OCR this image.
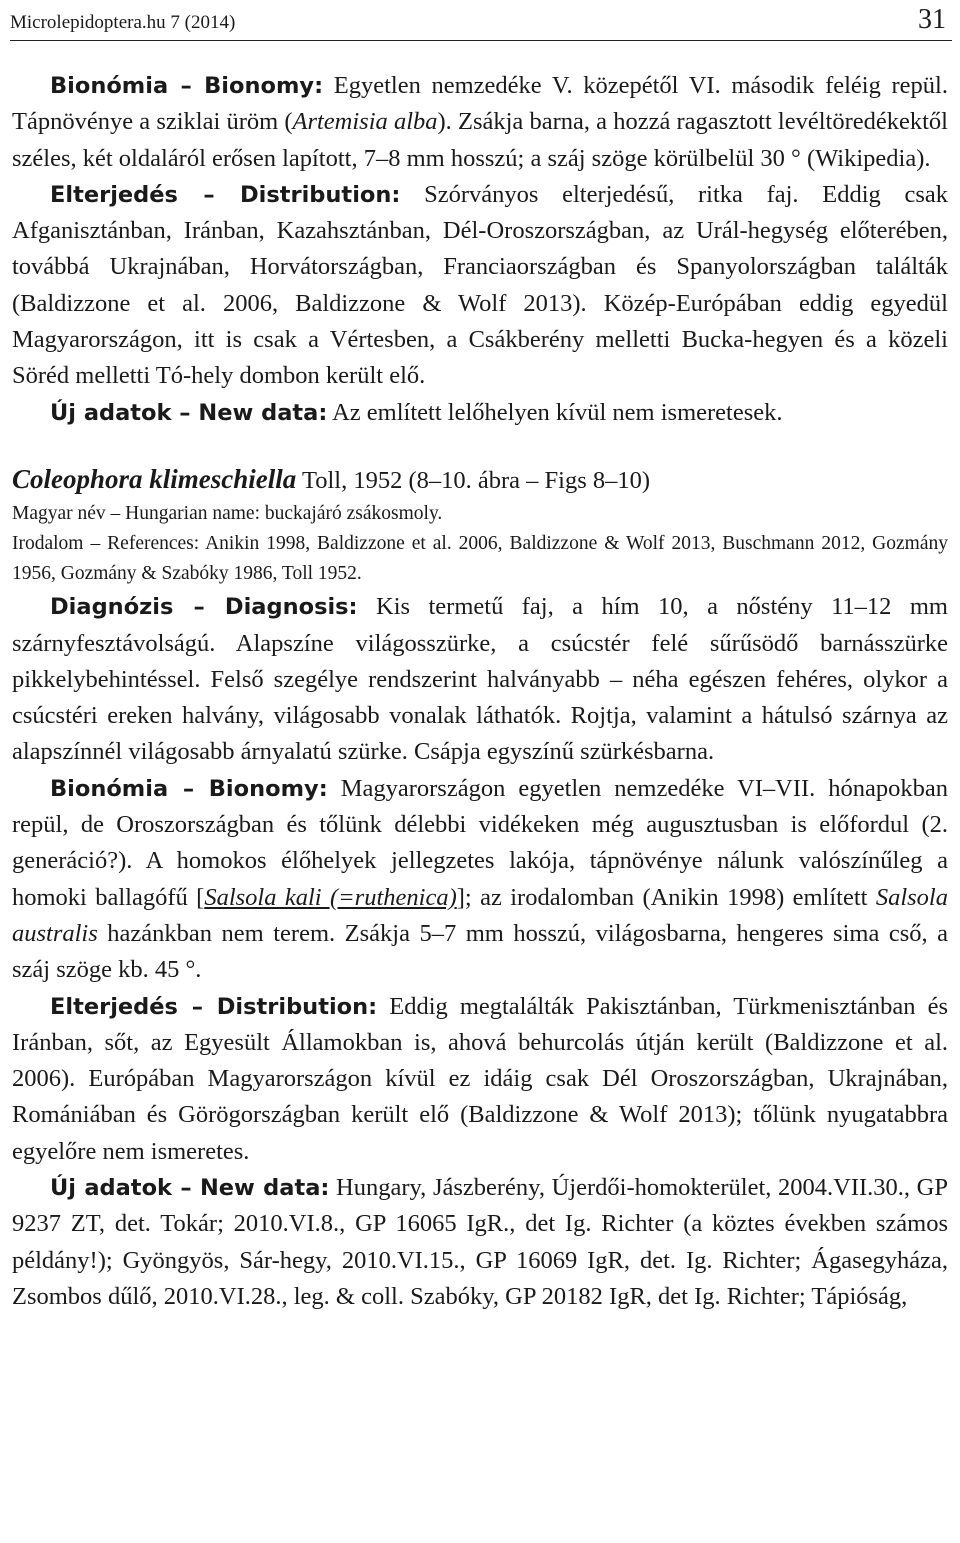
Microlepidoptera.hu 7 (2014)	31

Bionómia – Bionomy: Egyetlen nemzedéke V. közepétől VI. második feléig repül. Tápnövénye a sziklai üröm (Artemisia alba). Zsákja barna, a hozzá ragasztott levéltöredékektől széles, két oldaláról erősen lapított, 7–8 mm hosszú; a száj szöge körülbelül 30 ° (Wikipedia).

Elterjedés – Distribution: Szórványos elterjedésű, ritka faj. Eddig csak Afganisztánban, Iránban, Kazahsztánban, Dél-Oroszországban, az Urál-hegység előterében, továbbá Ukrajnában, Horvátországban, Franciaországban és Spanyolországban találták (Baldizzone et al. 2006, Baldizzone & Wolf 2013). Közép-Európában eddig egyedül Magyarországon, itt is csak a Vértesben, a Csákberény melletti Bucka-hegyen és a közeli Söréd melletti Tó-hely dombon került elő.

Új adatok – New data: Az említett lelőhelyen kívül nem ismeretesek.

Coleophora klimeschiella Toll, 1952 (8–10. ábra – Figs 8–10)

Magyar név – Hungarian name: buckajáró zsákosmoly.

Irodalom – References: Anikin 1998, Baldizzone et al. 2006, Baldizzone & Wolf 2013, Buschmann 2012, Gozmány 1956, Gozmány & Szabóky 1986, Toll 1952.

Diagnózis – Diagnosis: Kis termetű faj, a hím 10, a nőstény 11–12 mm szárnyfesztávolságú. Alapszíne világosszürke, a csúcstér felé sűrűsödő barnásszürke pikkelybehintéssel. Felső szegélye rendszerint halványabb – néha egészen fehéres, olykor a csúcstéri ereken halvány, világosabb vonalak láthatók. Rojtja, valamint a hátulsó szárnya az alapszínnél világosabb árnyalatú szürke. Csápja egyszínű szürkésbarna.

Bionómia – Bionomy: Magyarországon egyetlen nemzedéke VI–VII. hónapokban repül, de Oroszországban és tőlünk délebbi vidékeken még augusztusban is előfordul (2. generáció?). A homokos élőhelyek jellegzetes lakója, tápnövénye nálunk valószínűleg a homoki ballagófű [Salsola kali (=ruthenica)]; az irodalomban (Anikin 1998) említett Salsola australis hazánkban nem terem. Zsákja 5–7 mm hosszú, világosbarna, hengeres sima cső, a száj szöge kb. 45 °.

Elterjedés – Distribution: Eddig megtalálták Pakisztánban, Türkmenisztánban és Iránban, sőt, az Egyesült Államokban is, ahová behurcolás útján került (Baldizzone et al. 2006). Európában Magyarországon kívül ez idáig csak Dél Oroszországban, Ukrajnában, Romániában és Görögországban került elő (Baldizzone & Wolf 2013); tőlünk nyugatabbra egyelőre nem ismeretes.

Új adatok – New data: Hungary, Jászberény, Újerdői-homokterület, 2004.VII.30., GP 9237 ZT, det. Tokár; 2010.VI.8., GP 16065 IgR., det Ig. Richter (a köztes években számos példány!); Gyöngyös, Sár-hegy, 2010.VI.15., GP 16069 IgR, det. Ig. Richter; Ágasegyháza, Zsombos dűlő, 2010.VI.28., leg. & coll. Szabóky, GP 20182 IgR, det Ig. Richter; Tápióság,
